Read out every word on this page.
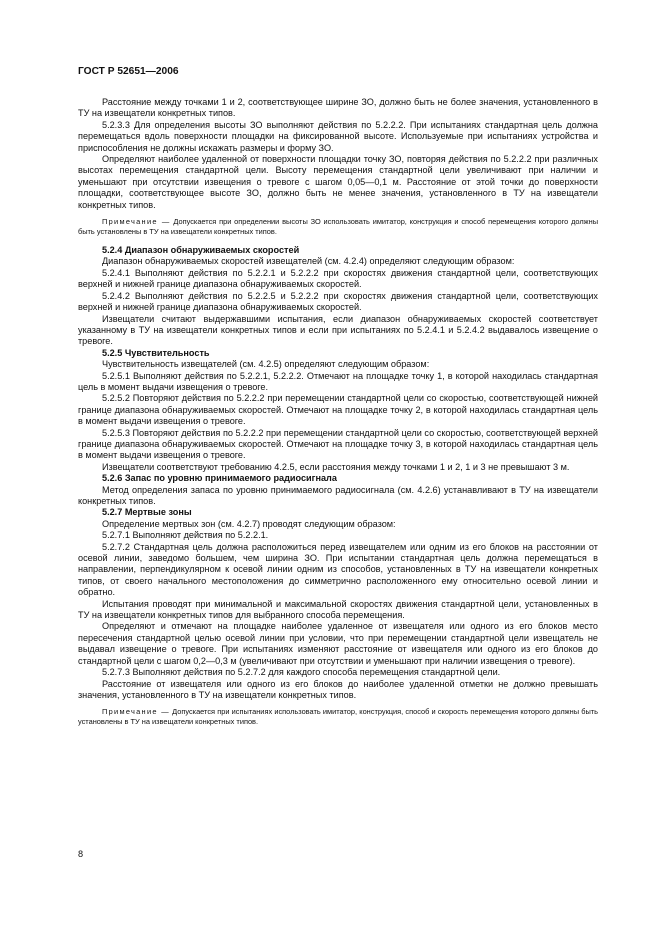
ГОСТ Р 52651—2006

Расстояние между точками 1 и 2, соответствующее ширине ЗО, должно быть не более значения, установленного в ТУ на извещатели конкретных типов.

5.2.3.3 Для определения высоты ЗО выполняют действия по 5.2.2.2. При испытаниях стандартная цель должна перемещаться вдоль поверхности площадки на фиксированной высоте. Используемые при испытаниях устройства и приспособления не должны искажать размеры и форму ЗО.

Определяют наиболее удаленной от поверхности площадки точку ЗО, повторяя действия по 5.2.2.2 при различных высотах перемещения стандартной цели. Высоту перемещения стандартной цели увеличивают при наличии и уменьшают при отсутствии извещения о тревоге с шагом 0,05—0,1 м. Расстояние от этой точки до поверхности площадки, соответствующее высоте ЗО, должно быть не менее значения, установленного в ТУ на извещатели конкретных типов.

Примечание — Допускается при определении высоты ЗО использовать имитатор, конструкция и способ перемещения которого должны быть установлены в ТУ на извещатели конкретных типов.

5.2.4 Диапазон обнаруживаемых скоростей

Диапазон обнаруживаемых скоростей извещателей (см. 4.2.4) определяют следующим образом:

5.2.4.1 Выполняют действия по 5.2.2.1 и 5.2.2.2 при скоростях движения стандартной цели, соответствующих верхней и нижней границе диапазона обнаруживаемых скоростей.

5.2.4.2 Выполняют действия по 5.2.2.5 и 5.2.2.2 при скоростях движения стандартной цели, соответствующих верхней и нижней границе диапазона обнаруживаемых скоростей.

Извещатели считают выдержавшими испытания, если диапазон обнаруживаемых скоростей соответствует указанному в ТУ на извещатели конкретных типов и если при испытаниях по 5.2.4.1 и 5.2.4.2 выдавалось извещение о тревоге.

5.2.5 Чувствительность

Чувствительность извещателей (см. 4.2.5) определяют следующим образом:

5.2.5.1 Выполняют действия по 5.2.2.1, 5.2.2.2. Отмечают на площадке точку 1, в которой находилась стандартная цель в момент выдачи извещения о тревоге.

5.2.5.2 Повторяют действия по 5.2.2.2 при перемещении стандартной цели со скоростью, соответствующей нижней границе диапазона обнаруживаемых скоростей. Отмечают на площадке точку 2, в которой находилась стандартная цель в момент выдачи извещения о тревоге.

5.2.5.3 Повторяют действия по 5.2.2.2 при перемещении стандартной цели со скоростью, соответствующей верхней границе диапазона обнаруживаемых скоростей. Отмечают на площадке точку 3, в которой находилась стандартная цель в момент выдачи извещения о тревоге.

Извещатели соответствуют требованию 4.2.5, если расстояния между точками 1 и 2, 1 и 3 не превышают 3 м.

5.2.6 Запас по уровню принимаемого радиосигнала

Метод определения запаса по уровню принимаемого радиосигнала (см. 4.2.6) устанавливают в ТУ на извещатели конкретных типов.

5.2.7 Мертвые зоны

Определение мертвых зон (см. 4.2.7) проводят следующим образом:

5.2.7.1 Выполняют действия по 5.2.2.1.

5.2.7.2 Стандартная цель должна расположиться перед извещателем или одним из его блоков на расстоянии от осевой линии, заведомо большем, чем ширина ЗО. При испытании стандартная цель должна перемещаться в направлении, перпендикулярном к осевой линии одним из способов, установленных в ТУ на извещатели конкретных типов, от своего начального местоположения до симметрично расположенного ему относительно осевой линии и обратно.

Испытания проводят при минимальной и максимальной скоростях движения стандартной цели, установленных в ТУ на извещатели конкретных типов для выбранного способа перемещения.

Определяют и отмечают на площадке наиболее удаленное от извещателя или одного из его блоков место пересечения стандартной целью осевой линии при условии, что при перемещении стандартной цели извещатель не выдавал извещение о тревоге. При испытаниях изменяют расстояние от извещателя или одного из его блоков до стандартной цели с шагом 0,2—0,3 м (увеличивают при отсутствии и уменьшают при наличии извещения о тревоге).

5.2.7.3 Выполняют действия по 5.2.7.2 для каждого способа перемещения стандартной цели.

Расстояние от извещателя или одного из его блоков до наиболее удаленной отметки не должно превышать значения, установленного в ТУ на извещатели конкретных типов.

Примечание — Допускается при испытаниях использовать имитатор, конструкция, способ и скорость перемещения которого должны быть установлены в ТУ на извещатели конкретных типов.

8
